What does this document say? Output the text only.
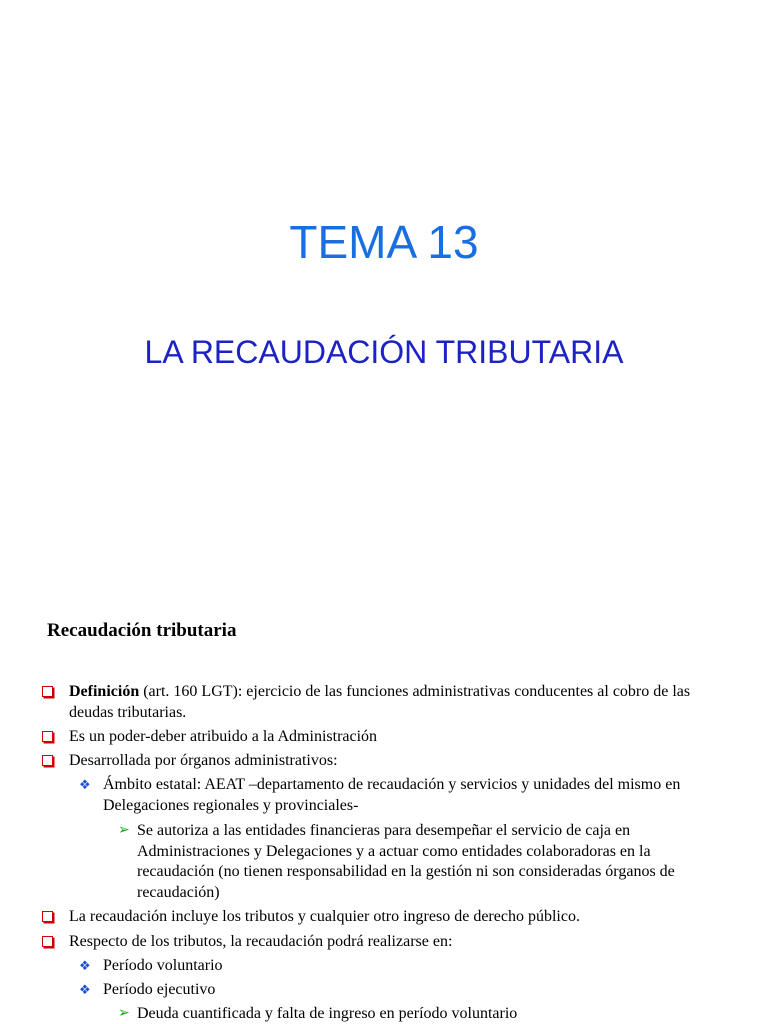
TEMA 13
LA RECAUDACIÓN TRIBUTARIA
Recaudación tributaria
Definición (art. 160 LGT): ejercicio de las funciones administrativas conducentes al cobro de las deudas tributarias.
Es un poder-deber atribuido a la Administración
Desarrollada por órganos administrativos:
❖ Ámbito estatal: AEAT –departamento de recaudación y servicios y unidades del mismo en Delegaciones regionales y provinciales-
➢ Se autoriza a las entidades financieras para desempeñar el servicio de caja en Administraciones y Delegaciones y a actuar como entidades colaboradoras en la recaudación (no tienen responsabilidad en la gestión ni son consideradas órganos de recaudación)
La recaudación incluye los tributos y cualquier otro ingreso de derecho público.
Respecto de los tributos, la recaudación podrá realizarse en:
❖ Período voluntario
❖ Período ejecutivo
➢ Deuda cuantificada y falta de ingreso en período voluntario
